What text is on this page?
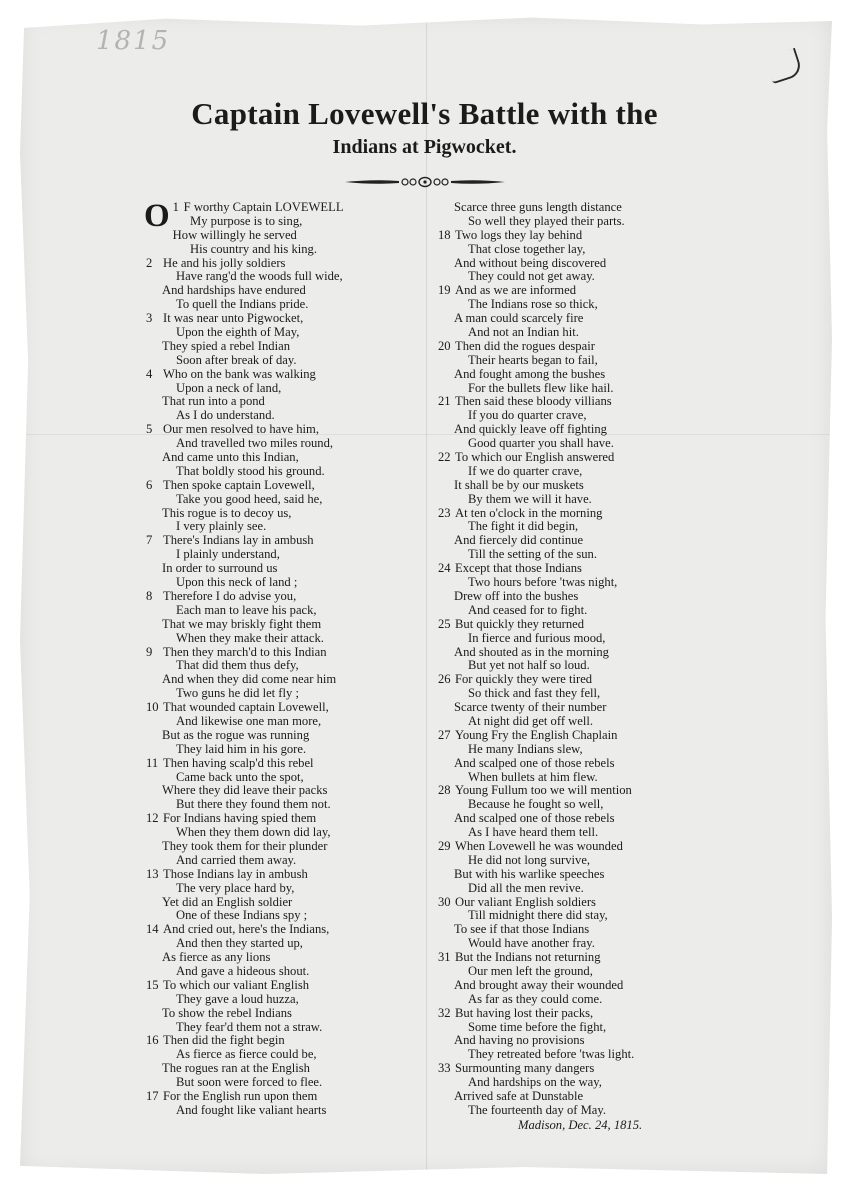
1815
Captain Lovewell's Battle with the
Indians at Pigwocket.
1
O F worthy Captain LOVEWELL
My purpose is to sing,
How willingly he served
His country and his king.
2 He and his jolly soldiers
Have rang'd the woods full wide,
And hardships have endured
To quell the Indians pride.
3 It was near unto Pigwocket,
Upon the eighth of May,
They spied a rebel Indian
Soon after break of day.
4 Who on the bank was walking
Upon a neck of land,
That run into a pond
As I do understand.
5 Our men resolved to have him,
And travelled two miles round,
And came unto this Indian,
That boldly stood his ground.
6 Then spoke captain Lovewell,
Take you good heed, said he,
This rogue is to decoy us,
I very plainly see.
7 There's Indians lay in ambush
I plainly understand,
In order to surround us
Upon this neck of land ;
8 Therefore I do advise you,
Each man to leave his pack,
That we may briskly fight them
When they make their attack.
9 Then they march'd to this Indian
That did them thus defy,
And when they did come near him
Two guns he did let fly ;
10 That wounded captain Lovewell,
And likewise one man more,
But as the rogue was running
They laid him in his gore.
11 Then having scalp'd this rebel
Came back unto the spot,
Where they did leave their packs
But there they found them not.
12 For Indians having spied them
When they them down did lay,
They took them for their plunder
And carried them away.
13 Those Indians lay in ambush
The very place hard by,
Yet did an English soldier
One of these Indians spy ;
14 And cried out, here's the Indians,
And then they started up,
As fierce as any lions
And gave a hideous shout.
15 To which our valiant English
They gave a loud huzza,
To show the rebel Indians
They fear'd them not a straw.
16 Then did the fight begin
As fierce as fierce could be,
The rogues ran at the English
But soon were forced to flee.
17 For the English run upon them
And fought like valiant hearts
Scarce three guns length distance
So well they played their parts.
18 Two logs they lay behind
That close together lay,
And without being discovered
They could not get away.
19 And as we are informed
The Indians rose so thick,
A man could scarcely fire
And not an Indian hit.
20 Then did the rogues despair
Their hearts began to fail,
And fought among the bushes
For the bullets flew like hail.
21 Then said these bloody villians
If you do quarter crave,
And quickly leave off fighting
Good quarter you shall have.
22 To which our English answered
If we do quarter crave,
It shall be by our muskets
By them we will it have.
23 At ten o'clock in the morning
The fight it did begin,
And fiercely did continue
Till the setting of the sun.
24 Except that those Indians
Two hours before 'twas night,
Drew off into the bushes
And ceased for to fight.
25 But quickly they returned
In fierce and furious mood,
And shouted as in the morning
But yet not half so loud.
26 For quickly they were tired
So thick and fast they fell,
Scarce twenty of their number
At night did get off well.
27 Young Fry the English Chaplain
He many Indians slew,
And scalped one of those rebels
When bullets at him flew.
28 Young Fullum too we will mention
Because he fought so well,
And scalped one of those rebels
As I have heard them tell.
29 When Lovewell he was wounded
He did not long survive,
But with his warlike speeches
Did all the men revive.
30 Our valiant English soldiers
Till midnight there did stay,
To see if that those Indians
Would have another fray.
31 But the Indians not returning
Our men left the ground,
And brought away their wounded
As far as they could come.
32 But having lost their packs,
Some time before the fight,
And having no provisions
They retreated before 'twas light.
33 Surmounting many dangers
And hardships on the way,
Arrived safe at Dunstable
The fourteenth day of May.
Madison, Dec. 24, 1815.
